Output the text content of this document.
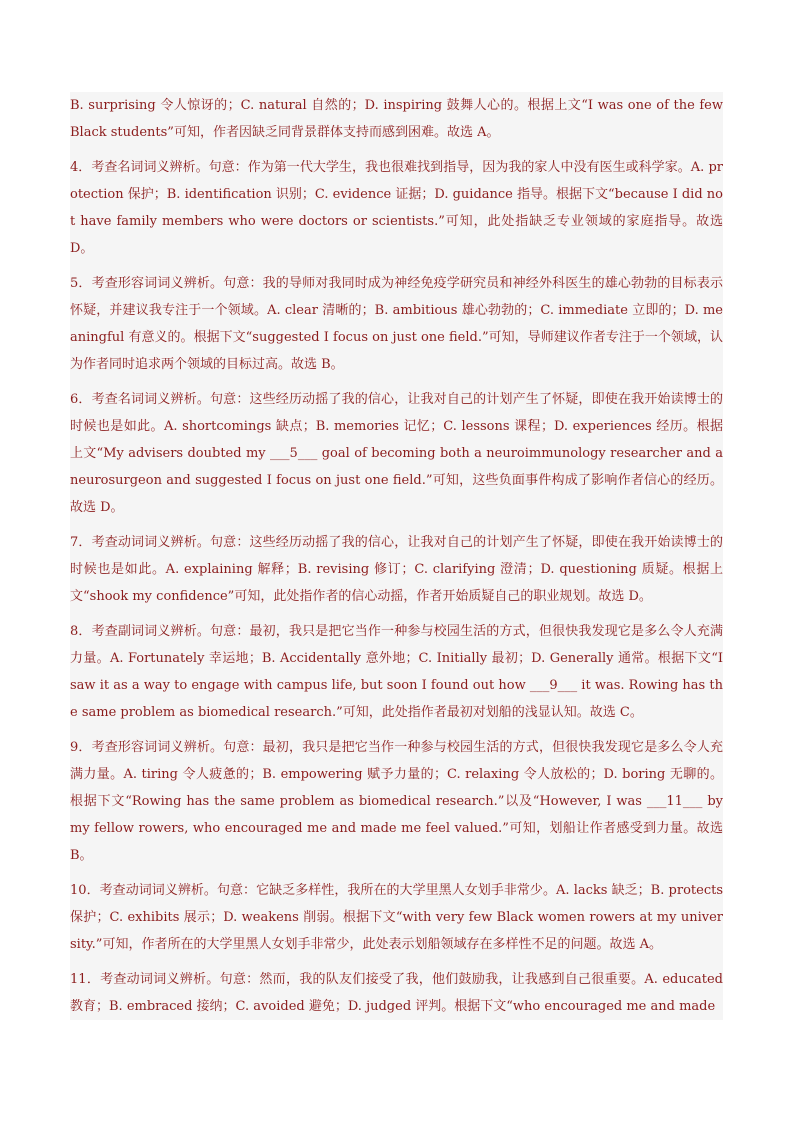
B. surprising 令人惊讶的；C. natural 自然的；D. inspiring 鼓舞人心的。根据上文“I was one of the few Black students”可知，作者因缺乏同背景群体支持而感到困难。故选 A。

4．考查名词词义辨析。句意：作为第一代大学生，我也很难找到指导，因为我的家人中没有医生或科学家。A. protection 保护；B. identification 识别；C. evidence 证据；D. guidance 指导。根据下文“because I did not have family members who were doctors or scientists.”可知，此处指缺乏专业领域的家庭指导。故选 D。

5．考查形容词词义辨析。句意：我的导师对我同时成为神经免疫学研究员和神经外科医生的雄心勃勃的目标表示怀疑，并建议我专注于一个领域。A. clear 清晰的；B. ambitious 雄心勃勃的；C. immediate 立即的；D. meaningful 有意义的。根据下文“suggested I focus on just one field.”可知，导师建议作者专注于一个领域，认为作者同时追求两个领域的目标过高。故选 B。

6．考查名词词义辨析。句意：这些经历动摇了我的信心，让我对自己的计划产生了怀疑，即使在我开始读博士的时候也是如此。A. shortcomings 缺点；B. memories 记忆；C. lessons 课程；D. experiences 经历。根据上文“My advisers doubted my ___5___ goal of becoming both a neuroimmunology researcher and a neurosurgeon and suggested I focus on just one field.”可知，这些负面事件构成了影响作者信心的经历。故选 D。

7．考查动词词义辨析。句意：这些经历动摇了我的信心，让我对自己的计划产生了怀疑，即使在我开始读博士的时候也是如此。A. explaining 解释；B. revising 修订；C. clarifying 澄清；D. questioning 质疑。根据上文“shook my confidence”可知，此处指作者的信心动摇，作者开始质疑自己的职业规划。故选 D。

8．考查副词词义辨析。句意：最初，我只是把它当作一种参与校园生活的方式，但很快我发现它是多么令人充满力量。A. Fortunately 幸运地；B. Accidentally 意外地；C. Initially 最初；D. Generally 通常。根据下文“I saw it as a way to engage with campus life, but soon I found out how ___9___ it was. Rowing has the same problem as biomedical research.”可知，此处指作者最初对划船的浅显认知。故选 C。

9．考查形容词词义辨析。句意：最初，我只是把它当作一种参与校园生活的方式，但很快我发现它是多么令人充满力量。A. tiring 令人疲惫的；B. empowering 赋予力量的；C. relaxing 令人放松的；D. boring 无聊的。根据下文“Rowing has the same problem as biomedical research.”以及“However, I was ___11___ by my fellow rowers, who encouraged me and made me feel valued.”可知，划船让作者感受到力量。故选 B。

10．考查动词词义辨析。句意：它缺乏多样性，我所在的大学里黑人女划手非常少。A. lacks 缺乏；B. protects 保护；C. exhibits 展示；D. weakens 削弱。根据下文“with very few Black women rowers at my university.”可知，作者所在的大学里黑人女划手非常少，此处表示划船领域存在多样性不足的问题。故选 A。

11．考查动词词义辨析。句意：然而，我的队友们接受了我，他们鼓励我，让我感到自己很重要。A. educated 教育；B. embraced 接纳；C. avoided 避免；D. judged 评判。根据下文“who encouraged me and made
